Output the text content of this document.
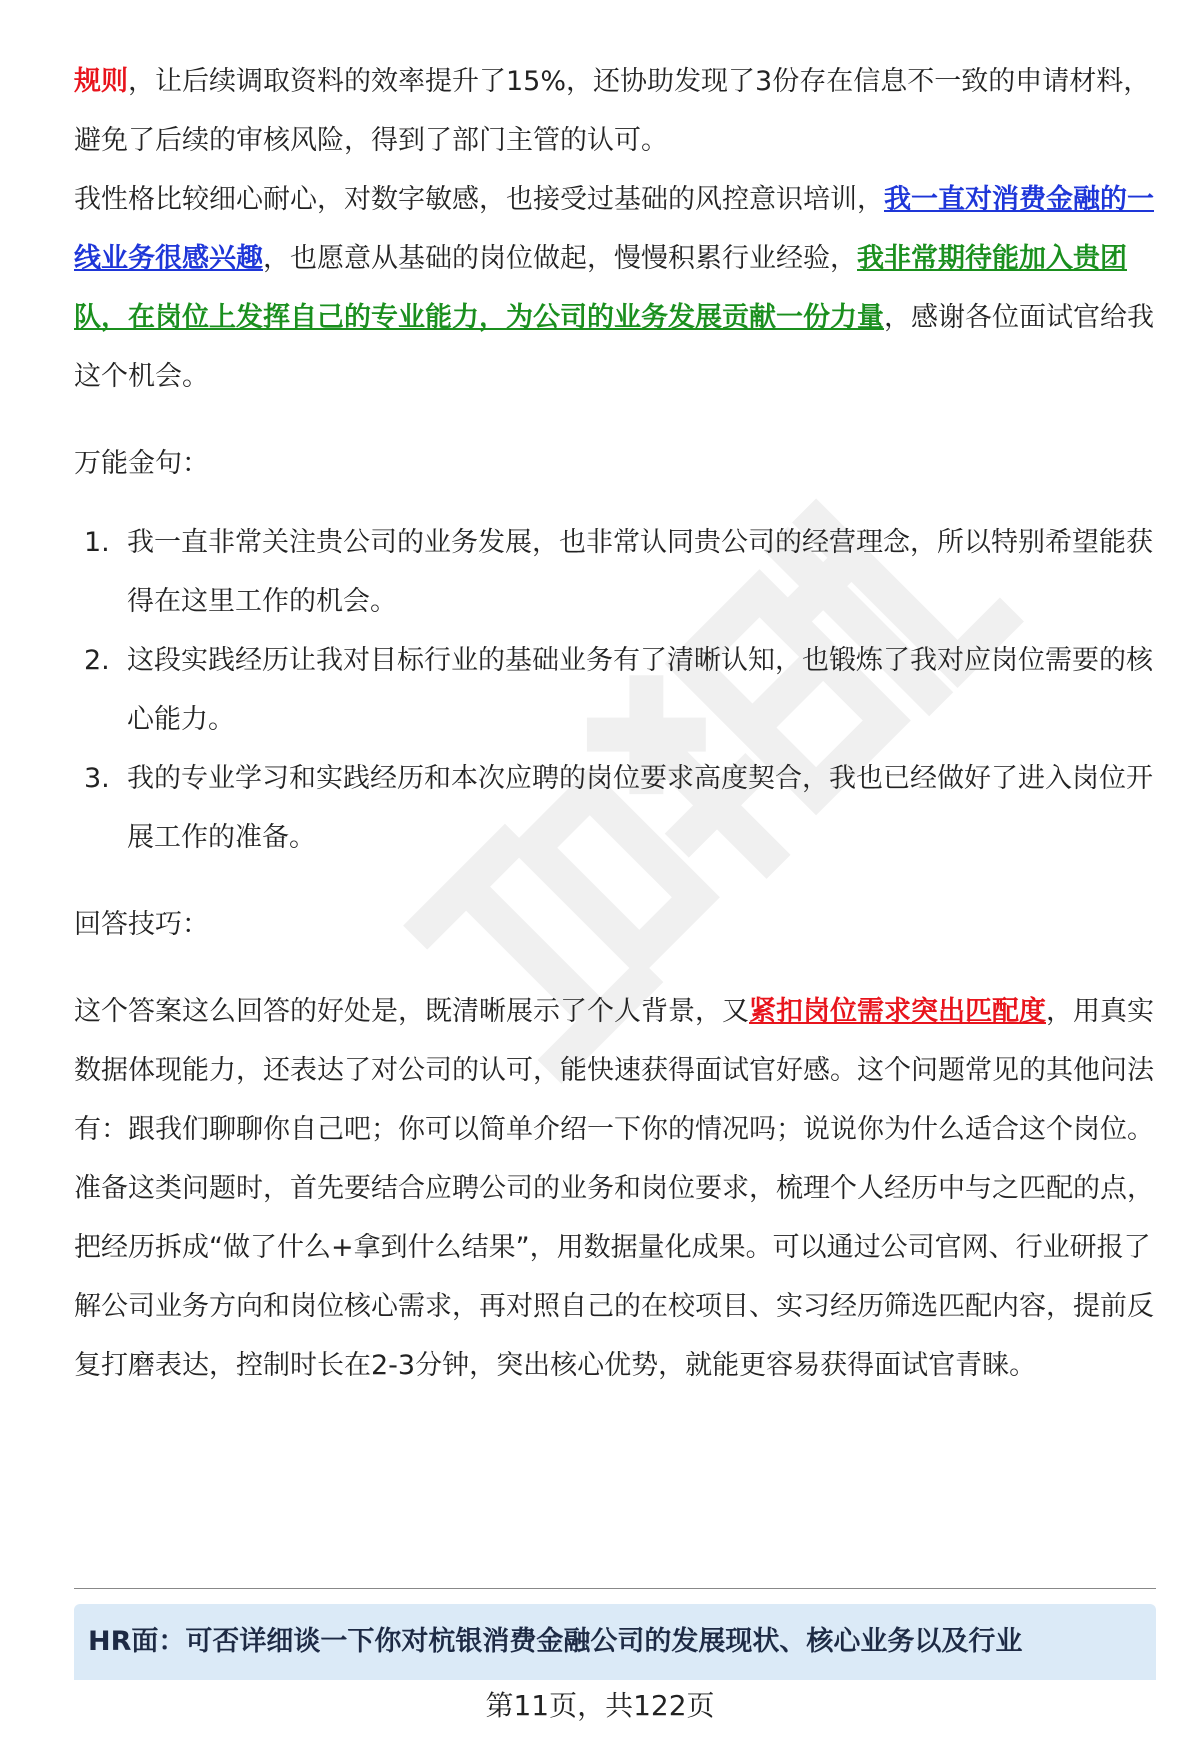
规则，让后续调取资料的效率提升了15%，还协助发现了3份存在信息不一致的申请材料，避免了后续的审核风险，得到了部门主管的认可。

我性格比较细心耐心，对数字敏感，也接受过基础的风控意识培训，我一直对消费金融的一线业务很感兴趣，也愿意从基础的岗位做起，慢慢积累行业经验，我非常期待能加入贵团队，在岗位上发挥自己的专业能力，为公司的业务发展贡献一份力量，感谢各位面试官给我这个机会。

万能金句：

1. 我一直非常关注贵公司的业务发展，也非常认同贵公司的经营理念，所以特别希望能获得在这里工作的机会。
2. 这段实践经历让我对目标行业的基础业务有了清晰认知，也锻炼了我对应岗位需要的核心能力。
3. 我的专业学习和实践经历和本次应聘的岗位要求高度契合，我也已经做好了进入岗位开展工作的准备。

回答技巧：

这个答案这么回答的好处是，既清晰展示了个人背景，又紧扣岗位需求突出匹配度，用真实数据体现能力，还表达了对公司的认可，能快速获得面试官好感。这个问题常见的其他问法有：跟我们聊聊你自己吧；你可以简单介绍一下你的情况吗；说说你为什么适合这个岗位。

准备这类问题时，首先要结合应聘公司的业务和岗位要求，梳理个人经历中与之匹配的点，把经历拆成“做了什么+拿到什么结果”，用数据量化成果。可以通过公司官网、行业研报了解公司业务方向和岗位核心需求，再对照自己的在校项目、实习经历筛选匹配内容，提前反复打磨表达，控制时长在2-3分钟，突出核心优势，就能更容易获得面试官青睐。

HR面：可否详细谈一下你对杭银消费金融公司的发展现状、核心业务以及行业
第11页，共122页
